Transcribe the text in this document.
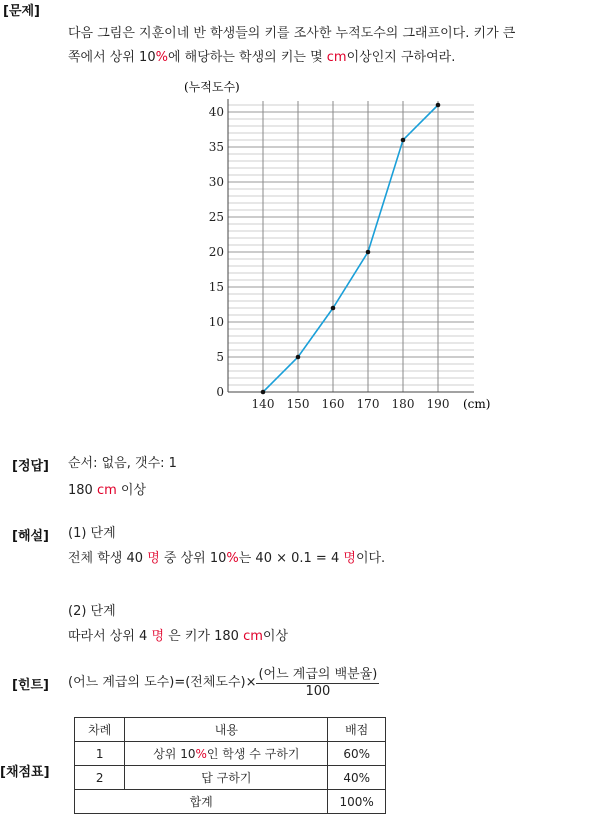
[문제]
다음 그림은 지훈이네 반 학생들의 키를 조사한 누적도수의 그래프이다. 키가 큰
쪽에서 상위 10%에 해당하는 학생의 키는 몇 cm이상인지 구하여라.
0
5
10
15
20
25
30
35
40
140 150 160 170 180 190
(누적도수)
(cm)
[정답] 순서: 없음, 갯수: 1
180 cm 이상
[해설] (1) 단계
전체 학생 40 명 중 상위 10%는 40 × 0.1 = 4 명이다.
(2) 단계
따라서 상위 4 명 은 키가 180 cm이상
[힌트] (어느 계급의 도수)=(전체도수)× $\frac{\text{(어느 계급의 백분율)}}{100}$
[채점표]
차례	내용	배점
1	상위 10%인 학생 수 구하기	60%
2	답 구하기	40%
합계		100%
